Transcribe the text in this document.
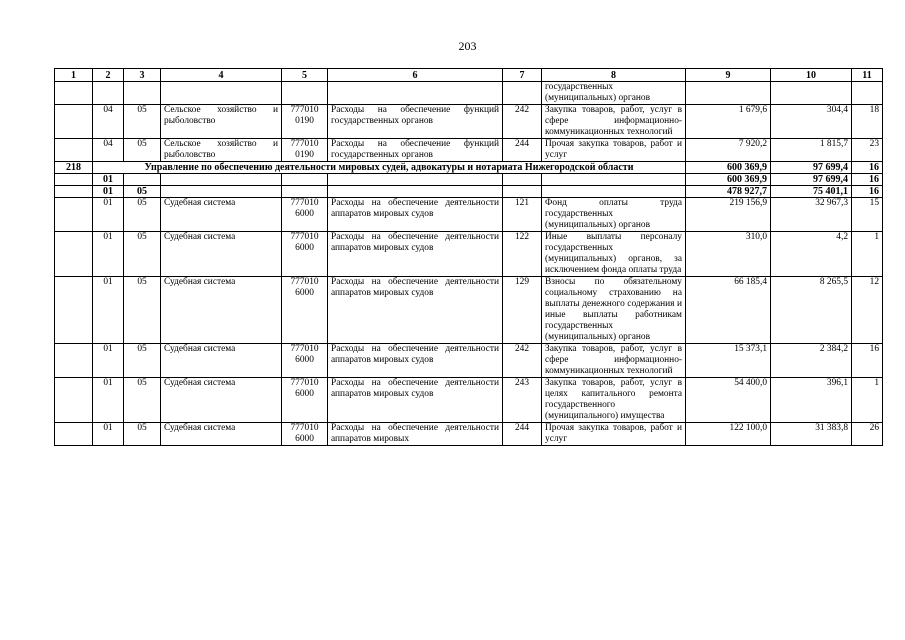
203
1	2	3	4	5	6	7	8	9	10	11
							государственных (муниципальных) органов			
	04	05	Сельское хозяйство и рыболовство	777010 0190	Расходы на обеспечение функций государственных органов	242	Закупка товаров, работ, услуг в сфере информационно-коммуникационных технологий	1 679,6	304,4	18
	04	05	Сельское хозяйство и рыболовство	777010 0190	Расходы на обеспечение функций государственных органов	244	Прочая закупка товаров, работ и услуг	7 920,2	1 815,7	23
218	Управление по обеспечению деятельности мировых судей, адвокатуры и нотариата Нижегородской области							600 369,9	97 699,4	16
	01							600 369,9	97 699,4	16
	01	05						478 927,7	75 401,1	16
	01	05	Судебная система	777010 6000	Расходы на обеспечение деятельности аппаратов мировых судов	121	Фонд оплаты труда государственных (муниципальных) органов	219 156,9	32 967,3	15
	01	05	Судебная система	777010 6000	Расходы на обеспечение деятельности аппаратов мировых судов	122	Иные выплаты персоналу государственных (муниципальных) органов, за исключением фонда оплаты труда	310,0	4,2	1
	01	05	Судебная система	777010 6000	Расходы на обеспечение деятельности аппаратов мировых судов	129	Взносы по обязательному социальному страхованию на выплаты денежного содержания и иные выплаты работникам государственных (муниципальных) органов	66 185,4	8 265,5	12
	01	05	Судебная система	777010 6000	Расходы на обеспечение деятельности аппаратов мировых судов	242	Закупка товаров, работ, услуг в сфере информационно-коммуникационных технологий	15 373,1	2 384,2	16
	01	05	Судебная система	777010 6000	Расходы на обеспечение деятельности аппаратов мировых судов	243	Закупка товаров, работ, услуг в целях капитального ремонта государственного (муниципального) имущества	54 400,0	396,1	1
	01	05	Судебная система	777010 6000	Расходы на обеспечение деятельности аппаратов мировых	244	Прочая закупка товаров, работ и услуг	122 100,0	31 383,8	26
